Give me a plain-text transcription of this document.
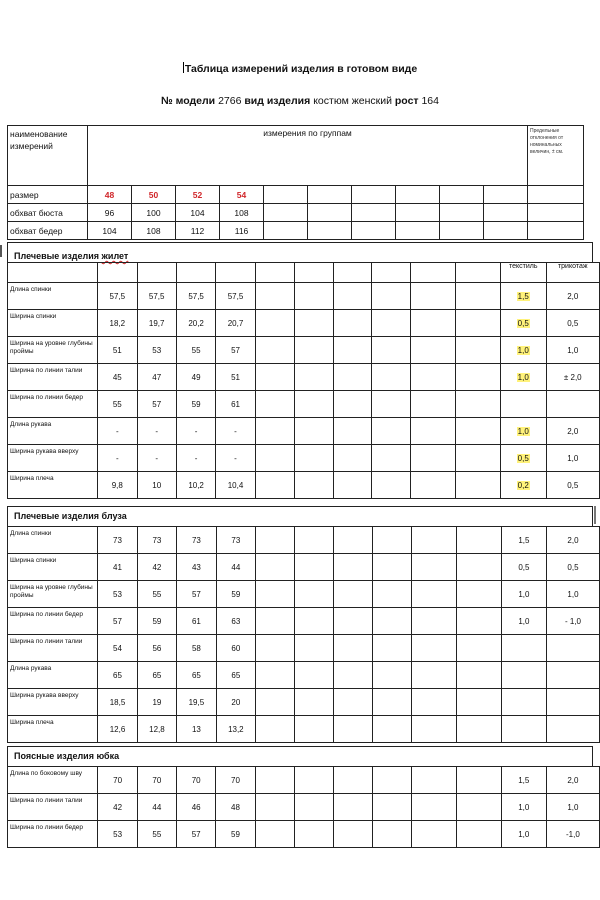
Таблица измерений изделия в готовом виде
№ модели 2766 вид изделия костюм женский рост 164
наименование измерений	измерения по группам										Предельные отклонения от номинальных величин, ± см.
размер	48	50	52	54							
обхват бюста	96	100	104	108							
обхват бедер	104	108	112	116							
Плечевые изделия жилет
											текстиль	трикотаж
Длина спинки	57,5	57,5	57,5	57,5							1,5	2,0
Ширина спинки	18,2	19,7	20,2	20,7							0,5	0,5
Ширина на уровне глубины проймы	51	53	55	57							1,0	1,0
Ширина по линии талии	45	47	49	51							1,0	± 2,0
Ширина по линии бедер	55	57	59	61								
Длина рукава	-	-	-	-							1,0	2,0
Ширина рукава вверху	-	-	-	-							0,5	1,0
Ширина плеча	9,8	10	10,2	10,4							0,2	0,5
Плечевые изделия блуза
Длина спинки	73	73	73	73							1,5	2,0
Ширина спинки	41	42	43	44							0,5	0,5
Ширина на уровне глубины проймы	53	55	57	59							1,0	1,0
Ширина по линии бедер	57	59	61	63							1,0	- 1,0
Ширина по линии талии	54	56	58	60								
Длина рукава	65	65	65	65								
Ширина рукава вверху	18,5	19	19,5	20								
Ширина плеча	12,6	12,8	13	13,2								
Поясные изделия юбка
Длина по боковому шву	70	70	70	70							1,5	2,0
Ширина по линии талии	42	44	46	48							1,0	1,0
Ширина по линии бедер	53	55	57	59							1,0	-1,0
